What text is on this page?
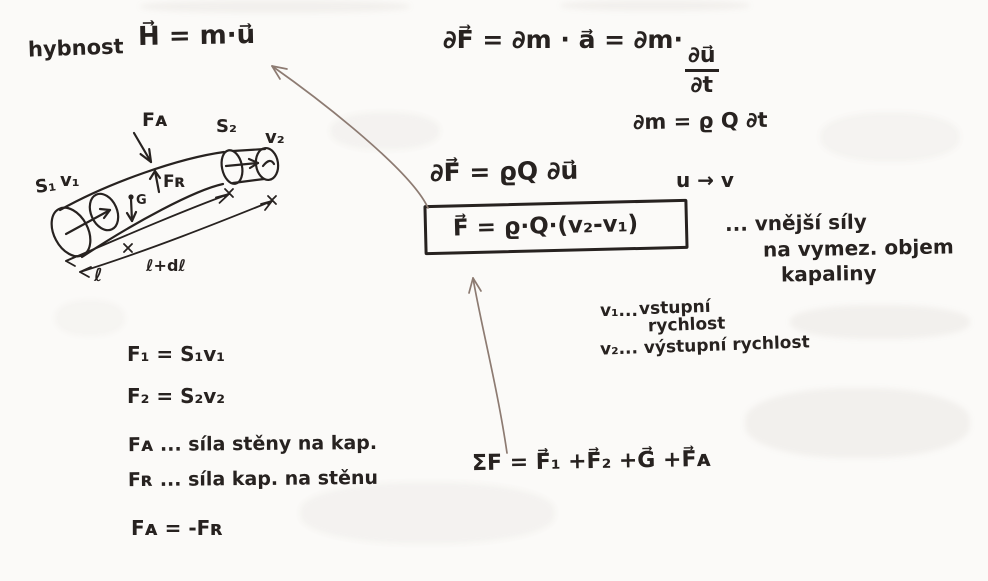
hybnost H⃗ = m·u⃗	∂F⃗ = ∂m · a⃗ = ∂m·
$\frac{\partial u⃗}{\partial t}$
∂m = ϱ Q ∂t
∂F⃗ = ϱQ ∂u⃗	u → v
F⃗ = ϱ·Q·(v₂-v₁)	... vnější síly
na vymez. objem
kapaliny
v₁... vstupní
rychlost
v₂... výstupní rychlost
F₁ = S₁v₁
F₂ = S₂v₂
Fᴀ ... síla stěny na kap.
Fʀ ... síla kap. na stěnu
Fᴀ = -Fʀ
ΣF = F⃗₁ +F⃗₂ +G⃗ +F⃗ᴀ
Fᴀ
Fʀ
S₁ v₁
S₂
v₂
G
ℓ	ℓ+dℓ
